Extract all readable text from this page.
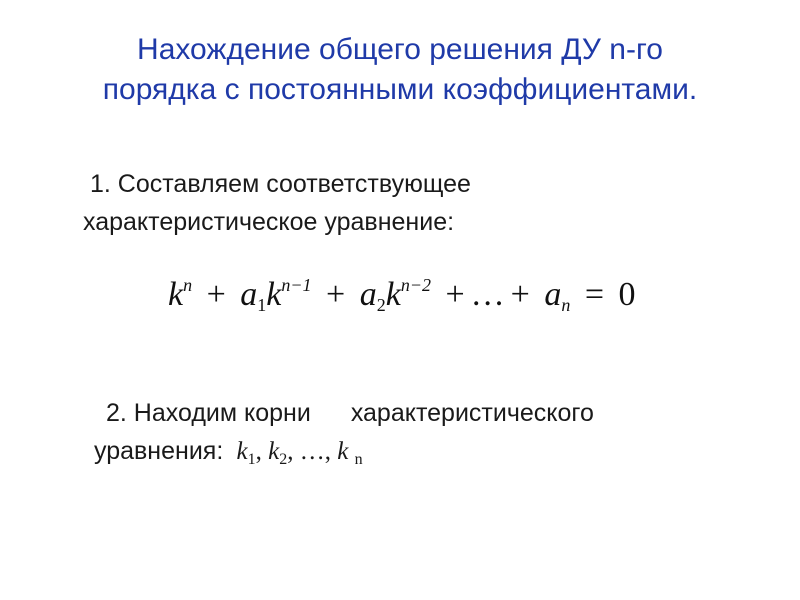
Нахождение общего решения ДУ n-го
порядка с постоянными коэффициентами.
1. Составляем соответствующее
характеристическое уравнение:
$k^n + a_1k^{n-1} + a_2k^{n-2}$ + … + $a_n = 0$
2. Находим корни характеристического
уравнения: $k_1$, $k_2$, …, k $_n$
